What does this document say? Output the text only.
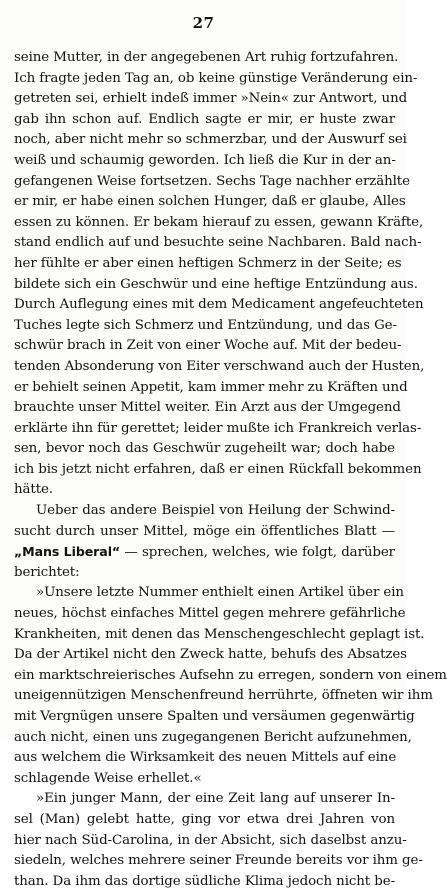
27
seine Mutter, in der angegebenen Art ruhig fortzufahren.
Ich fragte jeden Tag an, ob keine günstige Veränderung ein-
getreten sei, erhielt indeß immer »Nein« zur Antwort, und
gab ihn schon auf. Endlich sagte er mir, er huste zwar
noch, aber nicht mehr so schmerzbar, und der Auswurf sei
weiß und schaumig geworden. Ich ließ die Kur in der an-
gefangenen Weise fortsetzen. Sechs Tage nachher erzählte
er mir, er habe einen solchen Hunger, daß er glaube, Alles
essen zu können. Er bekam hierauf zu essen, gewann Kräfte,
stand endlich auf und besuchte seine Nachbaren. Bald nach-
her fühlte er aber einen heftigen Schmerz in der Seite; es
bildete sich ein Geschwür und eine heftige Entzündung aus.
Durch Auflegung eines mit dem Medicament angefeuchteten
Tuches legte sich Schmerz und Entzündung, und das Ge-
schwür brach in Zeit von einer Woche auf. Mit der bedeu-
tenden Absonderung von Eiter verschwand auch der Husten,
er behielt seinen Appetit, kam immer mehr zu Kräften und
brauchte unser Mittel weiter. Ein Arzt aus der Umgegend
erklärte ihn für gerettet; leider mußte ich Frankreich verlas-
sen, bevor noch das Geschwür zugeheilt war; doch habe
ich bis jetzt nicht erfahren, daß er einen Rückfall bekommen
hätte.
Ueber das andere Beispiel von Heilung der Schwind-
sucht durch unser Mittel, möge ein öffentliches Blatt —
„Mans Liberal“ — sprechen, welches, wie folgt, darüber
berichtet:
»Unsere letzte Nummer enthielt einen Artikel über ein
neues, höchst einfaches Mittel gegen mehrere gefährliche
Krankheiten, mit denen das Menschengeschlecht geplagt ist.
Da der Artikel nicht den Zweck hatte, behufs des Absatzes
ein marktschreierisches Aufsehn zu erregen, sondern von einem
uneigennützigen Menschenfreund herrührte, öffneten wir ihm
mit Vergnügen unsere Spalten und versäumen gegenwärtig
auch nicht, einen uns zugegangenen Bericht aufzunehmen,
aus welchem die Wirksamkeit des neuen Mittels auf eine
schlagende Weise erhellet.«
»Ein junger Mann, der eine Zeit lang auf unserer In-
sel (Man) gelebt hatte, ging vor etwa drei Jahren von
hier nach Süd-Carolina, in der Absicht, sich daselbst anzu-
siedeln, welches mehrere seiner Freunde bereits vor ihm ge-
than. Da ihm das dortige südliche Klima jedoch nicht be-
